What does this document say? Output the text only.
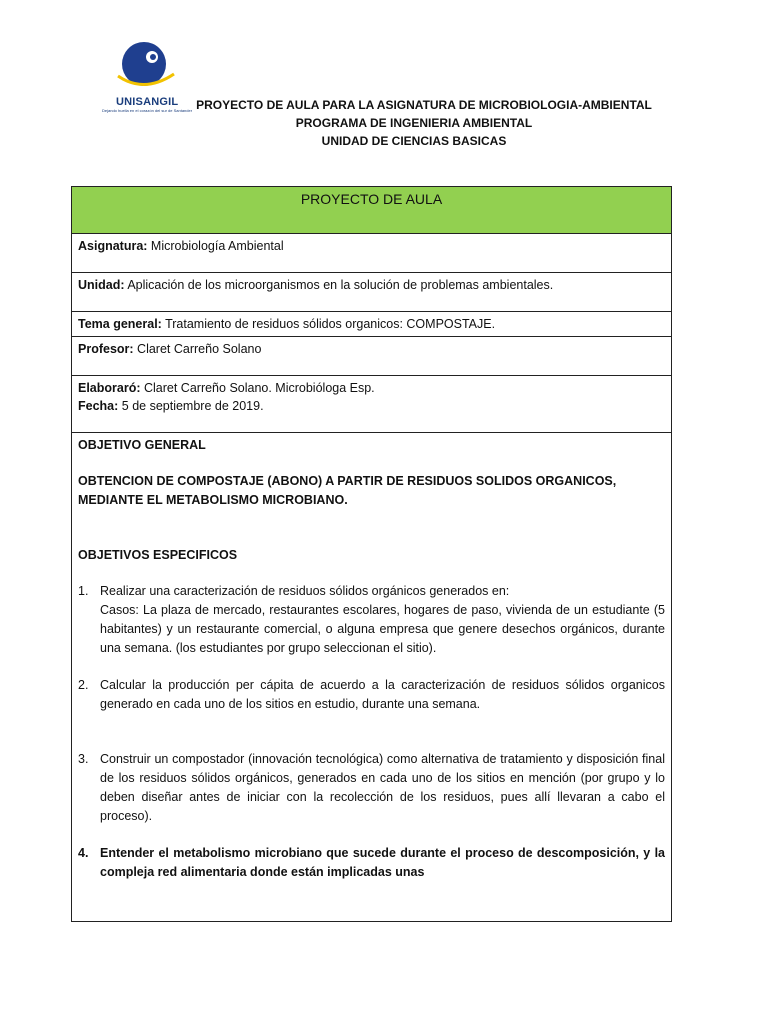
UNISANGIL
Dejando huella en el corazón del sur de Santander PROYECTO DE AULA PARA LA ASIGNATURA DE MICROBIOLOGIA-AMBIENTAL
PROGRAMA DE INGENIERIA AMBIENTAL
UNIDAD DE CIENCIAS BASICAS
PROYECTO DE AULA
Asignatura: Microbiología Ambiental
Unidad: Aplicación de los microorganismos en la solución de problemas ambientales.
Tema general: Tratamiento de residuos sólidos organicos: COMPOSTAJE.
Profesor: Claret Carreño Solano

Elaboraró: Claret Carreño Solano. Microbióloga Esp.
Fecha: 5 de septiembre de 2019.

OBJETIVO GENERAL
OBTENCION DE COMPOSTAJE (ABONO) A PARTIR DE RESIDUOS SOLIDOS ORGANICOS, MEDIANTE EL METABOLISMO MICROBIANO.
OBJETIVOS ESPECIFICOS
1. Realizar una caracterización de residuos sólidos orgánicos generados en:
Casos: La plaza de mercado, restaurantes escolares, hogares de paso, vivienda de un estudiante (5 habitantes) y un restaurante comercial, o alguna empresa que genere desechos orgánicos, durante una semana. (los estudiantes por grupo seleccionan el sitio).
2. Calcular la producción per cápita de acuerdo a la caracterización de residuos sólidos organicos generado en cada uno de los sitios en estudio, durante una semana.
3. Construir un compostador (innovación tecnológica) como alternativa de tratamiento y disposición final de los residuos sólidos orgánicos, generados en cada uno de los sitios en mención (por grupo y lo deben diseñar antes de iniciar con la recolección de los residuos, pues allí llevaran a cabo el proceso).
4. Entender el metabolismo microbiano que sucede durante el proceso de descomposición, y la compleja red alimentaria donde están implicadas unas
